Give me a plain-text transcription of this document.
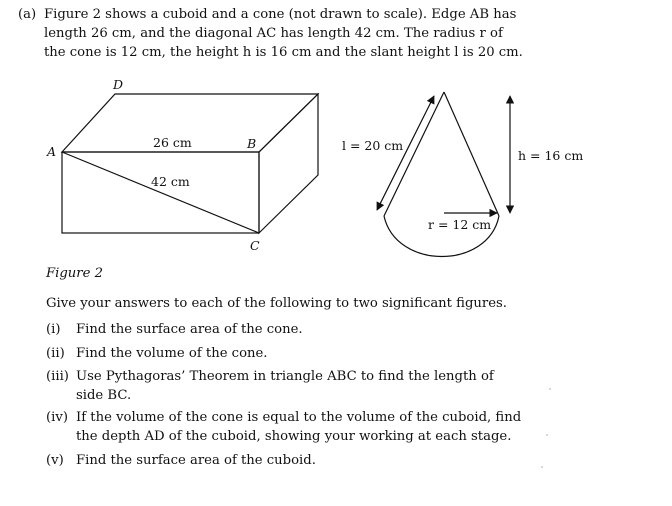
(a) Figure 2 shows a cuboid and a cone (not drawn to scale). Edge AB has
length 26 cm, and the diagonal AC has length 42 cm. The radius r of
the cone is 12 cm, the height h is 16 cm and the slant height l is 20 cm.
D
A
B
C
26 cm
42 cm
l = 20 cm
r = 12 cm
h = 16 cm
Figure 2
Give your answers to each of the following to two significant figures.
(i) Find the surface area of the cone.
(ii) Find the volume of the cone.
(iii) Use Pythagoras’ Theorem in triangle ABC to find the length of
side BC.
(iv) If the volume of the cone is equal to the volume of the cuboid, find
the depth AD of the cuboid, showing your working at each stage.
(v) Find the surface area of the cuboid.
